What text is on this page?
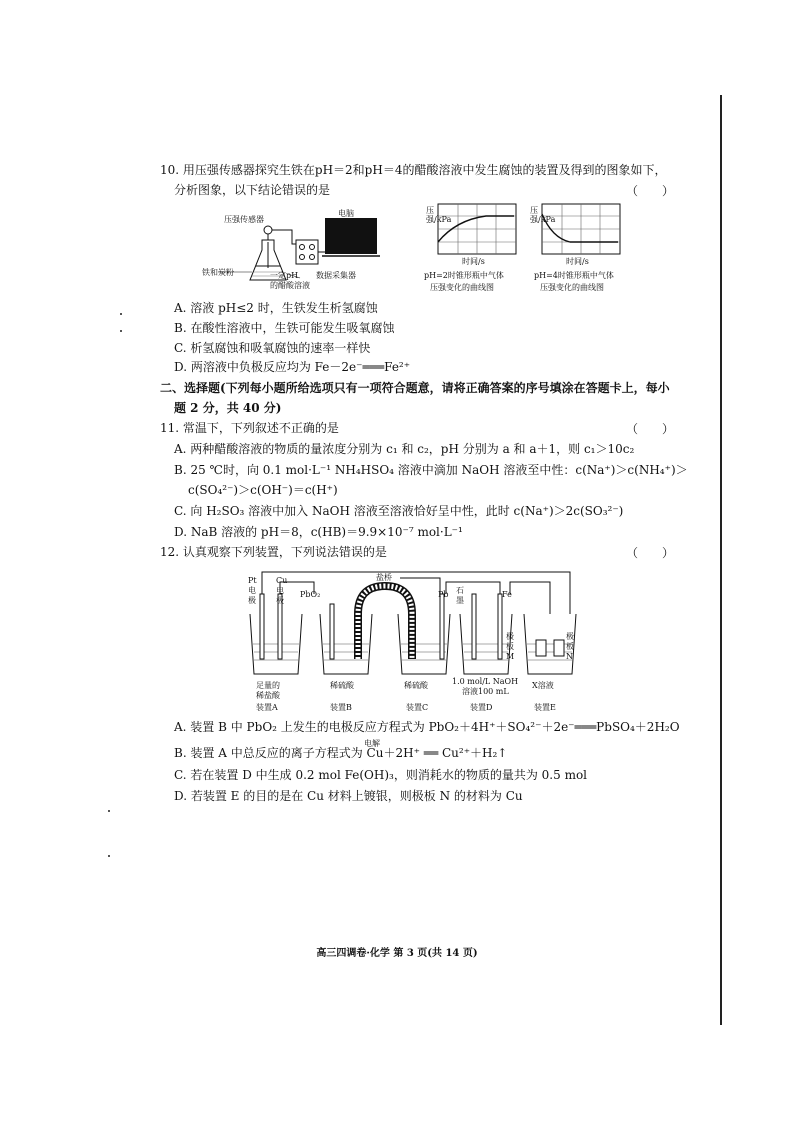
10. 用压强传感器探究生铁在pH＝2和pH＝4的醋酸溶液中发生腐蚀的装置及得到的图象如下，
分析图象，以下结论错误的是	（　　）
压强传感器
电脑
铁和炭粉	一定pH
的醋酸溶液
数据采集器
压强/kPa
压强/kPa
时间/s	时间/s
pH=2时锥形瓶中气体
压强变化的曲线图
pH=4时锥形瓶中气体
压强变化的曲线图
A. 溶液 pH≤2 时，生铁发生析氢腐蚀
B. 在酸性溶液中，生铁可能发生吸氧腐蚀
C. 析氢腐蚀和吸氧腐蚀的速率一样快
D. 两溶液中负极反应均为 Fe－2e⁻═══Fe²⁺
二、选择题(下列每小题所给选项只有一项符合题意，请将正确答案的序号填涂在答题卡上，每小
题 2 分，共 40 分)
11. 常温下，下列叙述不正确的是	（　　）
A. 两种醋酸溶液的物质的量浓度分别为 c₁ 和 c₂，pH 分别为 a 和 a＋1，则 c₁＞10c₂
B. 25 ℃时，向 0.1 mol·L⁻¹ NH₄HSO₄ 溶液中滴加 NaOH 溶液至中性：c(Na⁺)＞c(NH₄⁺)＞
c(SO₄²⁻)＞c(OH⁻)＝c(H⁺)
C. 向 H₂SO₃ 溶液中加入 NaOH 溶液至溶液恰好呈中性，此时 c(Na⁺)＞2c(SO₃²⁻)
D. NaB 溶液的 pH＝8，c(HB)＝9.9×10⁻⁷ mol·L⁻¹
12. 认真观察下列装置，下列说法错误的是	（　　）
Pt
电
极
Cu
电
极
PbO₂
盐桥
Pb 石
墨
Fe
极
板
M
极
板
N
足量的
稀盐酸
装置A
稀硫酸
装置B
稀硫酸
装置C
1.0 mol/L NaOH
溶液100 mL
装置D
X溶液
装置E
A. 装置 B 中 PbO₂ 上发生的电极反应方程式为 PbO₂＋4H⁺＋SO₄²⁻＋2e⁻═══PbSO₄＋2H₂O
电解
B. 装置 A 中总反应的离子方程式为 Cu＋2H⁺ ══ Cu²⁺＋H₂↑
C. 若在装置 D 中生成 0.2 mol Fe(OH)₃，则消耗水的物质的量共为 0.5 mol
D. 若装置 E 的目的是在 Cu 材料上镀银，则极板 N 的材料为 Cu
高三四调卷·化学 第 3 页(共 14 页)
